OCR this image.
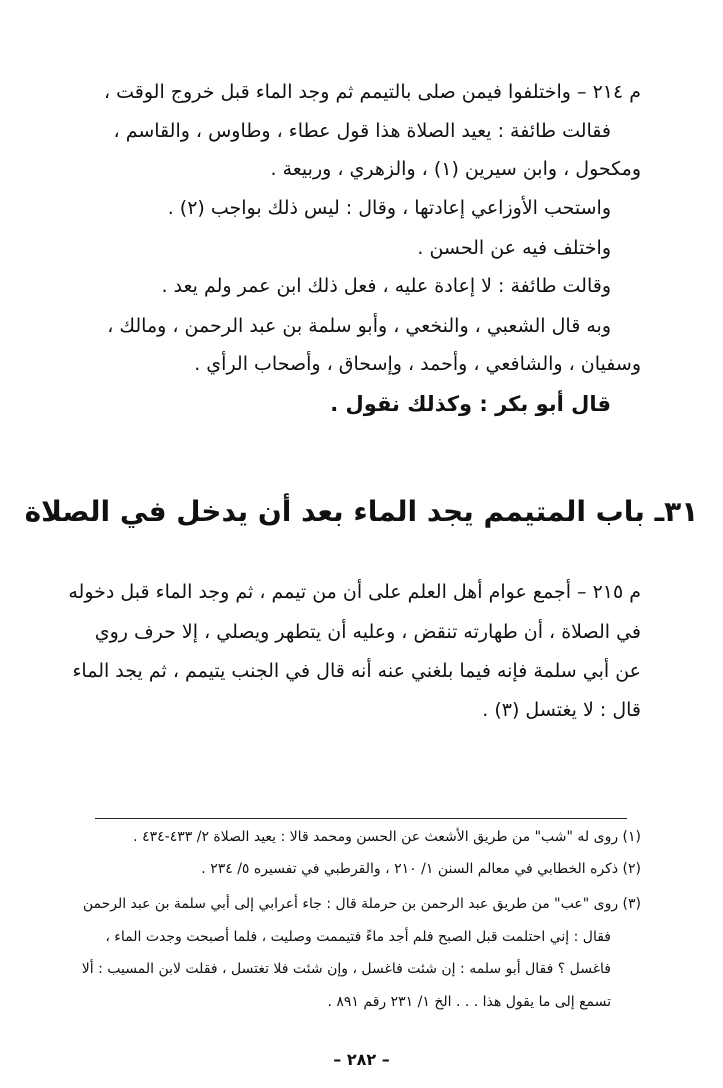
م ٢١٤ – واختلفوا فيمن صلى بالتيمم ثم وجد الماء قبل خروج الوقت ،
فقالت طائفة : يعيد الصلاة هذا قول عطاء ، وطاوس ، والقاسم ،
ومكحول ، وابن سيرين (١) ، والزهري ، وربيعة .
واستحب الأوزاعي إعادتها ، وقال : ليس ذلك بواجب (٢) .
واختلف فيه عن الحسن .
وقالت طائفة : لا إعادة عليه ، فعل ذلك ابن عمر ولم يعد .
وبه قال الشعبي ، والنخعي ، وأبو سلمة بن عبد الرحمن ، ومالك ،
وسفيان ، والشافعي ، وأحمد ، وإسحاق ، وأصحاب الرأي .
قال أبو بكر : وكذلك نقول .
٣١ـ باب المتيمم يجد الماء بعد أن يدخل في الصلاة
م ٢١٥ – أجمع عوام أهل العلم على أن من تيمم ، ثم وجد الماء قبل دخوله
في الصلاة ، أن طهارته تنقض ، وعليه أن يتطهر ويصلي ، إلا حرف روي
عن أبي سلمة فإنه فيما بلغني عنه أنه قال في الجنب يتيمم ، ثم يجد الماء
قال : لا يغتسل (٣) .
(١) روى له "شب" من طريق الأشعث عن الحسن ومحمد قالا : يعيد الصلاة ٢/ ٤٣٣-٤٣٤ .
(٢) ذكره الخطابي في معالم السنن ١/ ٢١٠ ، والقرطبي في تفسيره ٥/ ٢٣٤ .
(٣) روى "عب" من طريق عبد الرحمن بن حرملة قال : جاء أعرابي إلى أبي سلمة بن عبد الرحمن
فقال : إني احتلمت قبل الصبح فلم أجد ماءً فتيممت وصليت ، فلما أصبحت وجدت الماء ،
فاغسل ؟ فقال أبو سلمه : إن شئت فاغسل ، وإن شئت فلا تغتسل ، فقلت لابن المسيب : ألا
تسمع إلى ما يقول هذا . . . الخ ١/ ٢٣١ رقم ٨٩١ .
– ٢٨٢ –
